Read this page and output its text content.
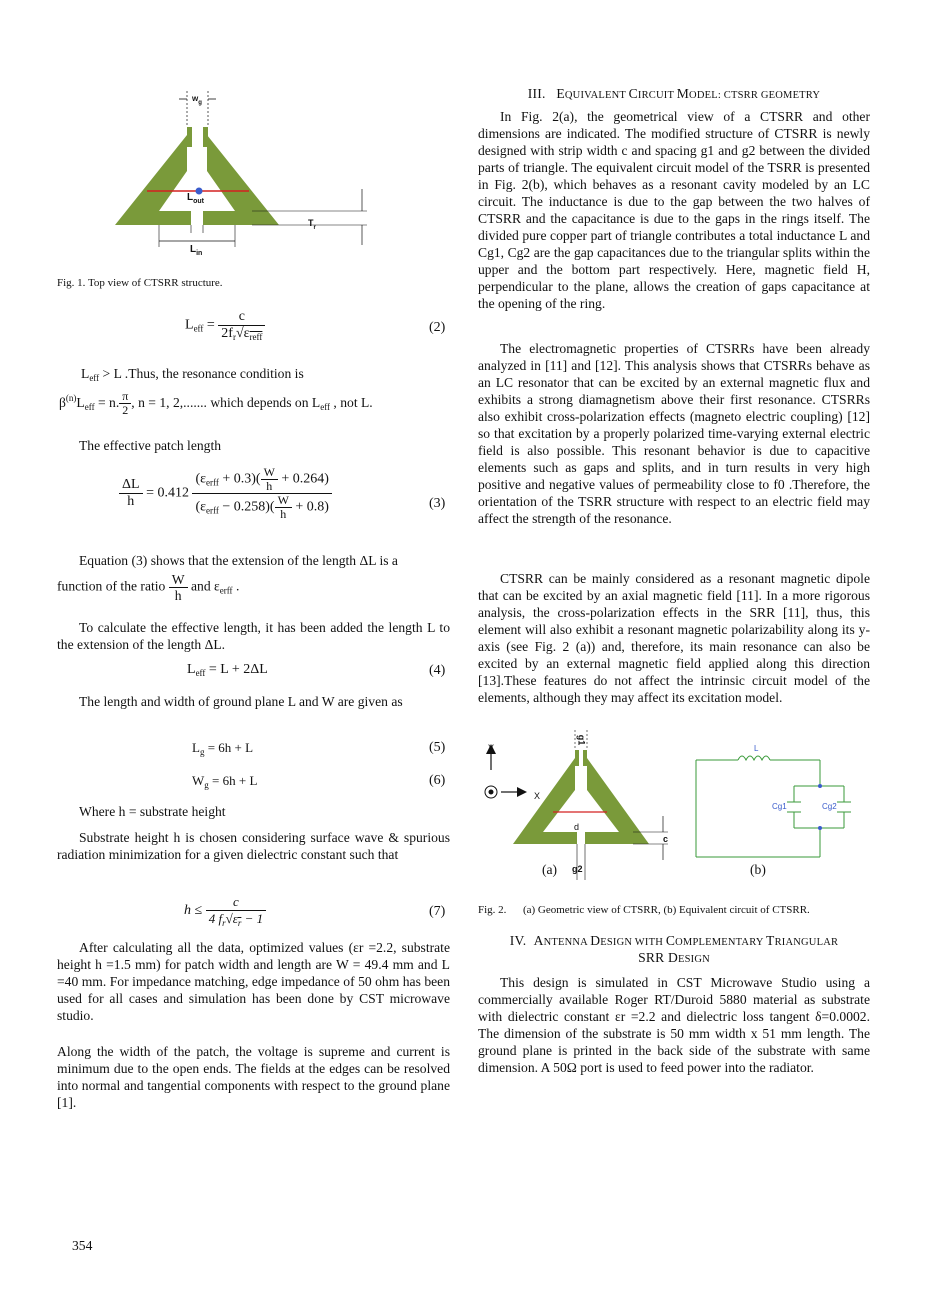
$w_g$
$L_{out}$
$w_s$	$T_r$
$L_{in}$
Fig. 1. Top view of CTSRR structure.
$L_{eff} = \frac{c}{2f_r√\varepsilon_{reff}}$	(2)
$L_{eff} > L$ .Thus, the resonance condition is
$\beta^{(n)}L_{eff} = n$. $\frac{\pi}{2}$ , n = 1, 2,....... which depends on $L_{eff}$ , not L.
The effective patch length
$\frac{\Delta L}{h} = 0.412 \frac{(\varepsilon_{erff} + 0.3)( \frac{W}{h} + 0.264)}{(\varepsilon_{erff} - 0.258)( \frac{W}{h} + 0.8)}$	(3)
Equation (3) shows that the extension of the length ΔL is a
function of the ratio $\frac{W}{h}$ and $\varepsilon_{erff}$ .
To calculate the effective length, it has been added the length L to the extension of the length ΔL.
$L_{eff} = L + 2\Delta L$	(4)
The length and width of ground plane L and W are given as
$L_g = 6h + L$	(5)
$W_g = 6h + L$	(6)
Where h = substrate height
Substrate height h is chosen considering surface wave & spurious radiation minimization for a given dielectric constant such that
$h \le \frac{c}{4 f_r√\varepsilon_r - 1}$	(7)
After calculating all the data, optimized values (εr =2.2, substrate height h =1.5 mm) for patch width and length are W = 49.4 mm and L =40 mm. For impedance matching, edge impedance of 50 ohm has been used for all cases and simulation has been done by CST microwave studio.
Along the width of the patch, the voltage is supreme and current is minimum due to the open ends. The fields at the edges can be resolved into normal and tangential components with respect to the ground plane [1].
III. EQUIVALENT CIRCUIT MODEL: CTSRR GEOMETRY
In Fig. 2(a), the geometrical view of a CTSRR and other dimensions are indicated. The modified structure of CTSRR is newly designed with strip width c and spacing g1 and g2 between the divided parts of triangle. The equivalent circuit model of the TSRR is presented in Fig. 2(b), which behaves as a resonant cavity modeled by an LC circuit. The inductance is due to the gap between the two halves of CTSRR and the capacitance is due to the gaps in the rings itself. The divided pure copper part of triangle contributes a total inductance L and Cg1, Cg2 are the gap capacitances due to the triangular splits within the upper and the bottom part respectively. Here, magnetic field H, perpendicular to the plane, allows the creation of gaps capacitance at the opening of the ring.
The electromagnetic properties of CTSRRs have been already analyzed in [11] and [12]. This analysis shows that CTSRRs behave as an LC resonator that can be excited by an external magnetic flux and exhibits a strong diamagnetism above their first resonance. CTSRRs also exhibit cross-polarization effects (magneto electric coupling) [12] so that excitation by a properly polarized time-varying external electric field is also possible. This resonant behavior is due to capacitive elements such as gaps and splits, and in turn results in very high positive and negative values of permeability close to f0 .Therefore, the orientation of the TSRR structure with respect to an electric field may affect the strength of the resonance.
CTSRR can be mainly considered as a resonant magnetic dipole that can be excited by an axial magnetic field [11]. In a more rigorous analysis, the cross-polarization effects in the SRR [11], thus, this element will also exhibit a resonant magnetic polarizability along its y-axis (see Fig. 2 (a)) and, therefore, its main resonance can also be excited by an external magnetic field applied along this direction [13].These features do not affect the intrinsic circuit model of the elements, although they may affect its excitation model.
Y
X
g1
d
c
g2
(a)
L
Cg1	Cg2
(b)
Fig. 2. (a) Geometric view of CTSRR, (b) Equivalent circuit of CTSRR.
IV. ANTENNA DESIGN WITH COMPLEMENTARY TRIANGULAR
SRR DESIGN
This design is simulated in CST Microwave Studio using a commercially available Roger RT/Duroid 5880 material as substrate with dielectric constant εr =2.2 and dielectric loss tangent δ=0.0002. The dimension of the substrate is 50 mm width x 51 mm length. The ground plane is printed in the back side of the substrate with same dimension. A 50Ω port is used to feed power into the radiator.
354
